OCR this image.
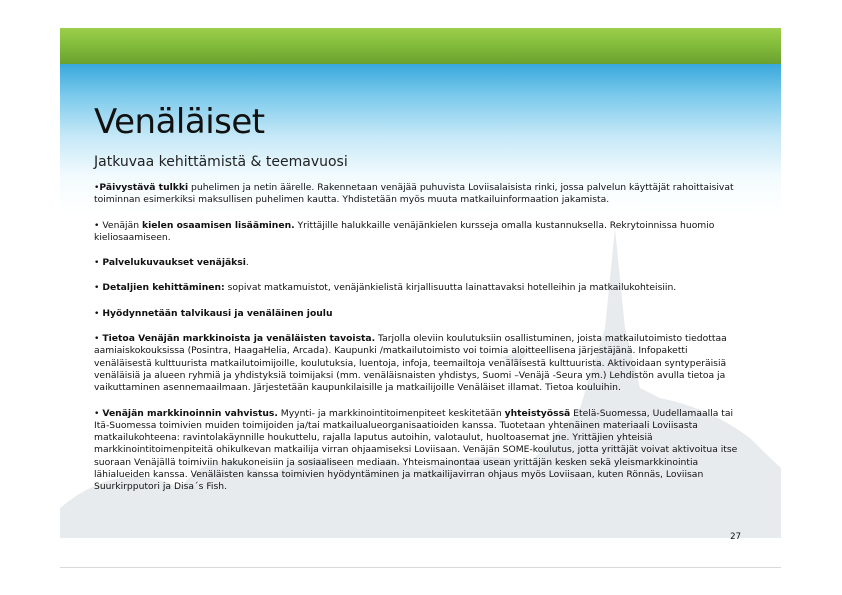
Venäläiset
Jatkuvaa kehittämistä & teemavuosi

•Päivystävä tulkki puhelimen ja netin äärelle. Rakennetaan venäjää puhuvista Loviisalaisista rinki, jossa palvelun käyttäjät rahoittaisivat toiminnan esimerkiksi maksullisen puhelimen kautta. Yhdistetään myös muuta matkailuinformaation jakamista.

• Venäjän kielen osaamisen lisääminen. Yrittäjille halukkaille venäjänkielen kursseja omalla kustannuksella. Rekrytoinnissa huomio kieliosaamiseen.

• Palvelukuvaukset venäjäksi.

• Detaljien kehittäminen: sopivat matkamuistot, venäjänkielistä kirjallisuutta lainattavaksi hotelleihin ja matkailukohteisiin.

• Hyödynnetään talvikausi ja venäläinen joulu

• Tietoa Venäjän markkinoista ja venäläisten tavoista. Tarjolla oleviin koulutuksiin osallistuminen, joista matkailutoimisto tiedottaa aamiaiskokouksissa (Posintra, HaagaHelia, Arcada). Kaupunki /matkailutoimisto voi toimia aloitteellisena järjestäjänä. Infopaketti venäläisestä kulttuurista matkailutoimijoille, koulutuksia, luentoja, infoja, teemailtoja venäläisestä kulttuurista. Aktivoidaan syntyperäisiä venäläisiä ja alueen ryhmiä ja yhdistyksiä toimijaksi (mm. venäläisnaisten yhdistys, Suomi –Venäjä -Seura ym.) Lehdistön avulla tietoa ja vaikuttaminen asennemaailmaan. Järjestetään kaupunkilaisille ja matkailijoille Venäläiset illamat. Tietoa kouluihin.

• Venäjän markkinoinnin vahvistus. Myynti- ja markkinointitoimenpiteet keskitetään yhteistyössä Etelä-Suomessa, Uudellamaalla tai Itä-Suomessa toimivien muiden toimijoiden ja/tai matkailualueorganisaatioiden kanssa. Tuotetaan yhtenäinen materiaali Loviisasta matkailukohteena: ravintolakäynnille houkuttelu, rajalla laputus autoihin, valotaulut, huoltoasemat jne. Yrittäjien yhteisiä markkinointitoimenpiteitä ohikulkevan matkailija virran ohjaamiseksi Loviisaan. Venäjän SOME-koulutus, jotta yrittäjät voivat aktivoitua itse suoraan Venäjällä toimiviin hakukoneisiin ja sosiaaliseen mediaan. Yhteismainontaa usean yrittäjän kesken sekä yleismarkkinointia lähialueiden kanssa. Venäläisten kanssa toimivien hyödyntäminen ja matkailijavirran ohjaus myös Loviisaan, kuten Rönnäs, Loviisan Suurkirpputori ja Disa´s Fish.

27
